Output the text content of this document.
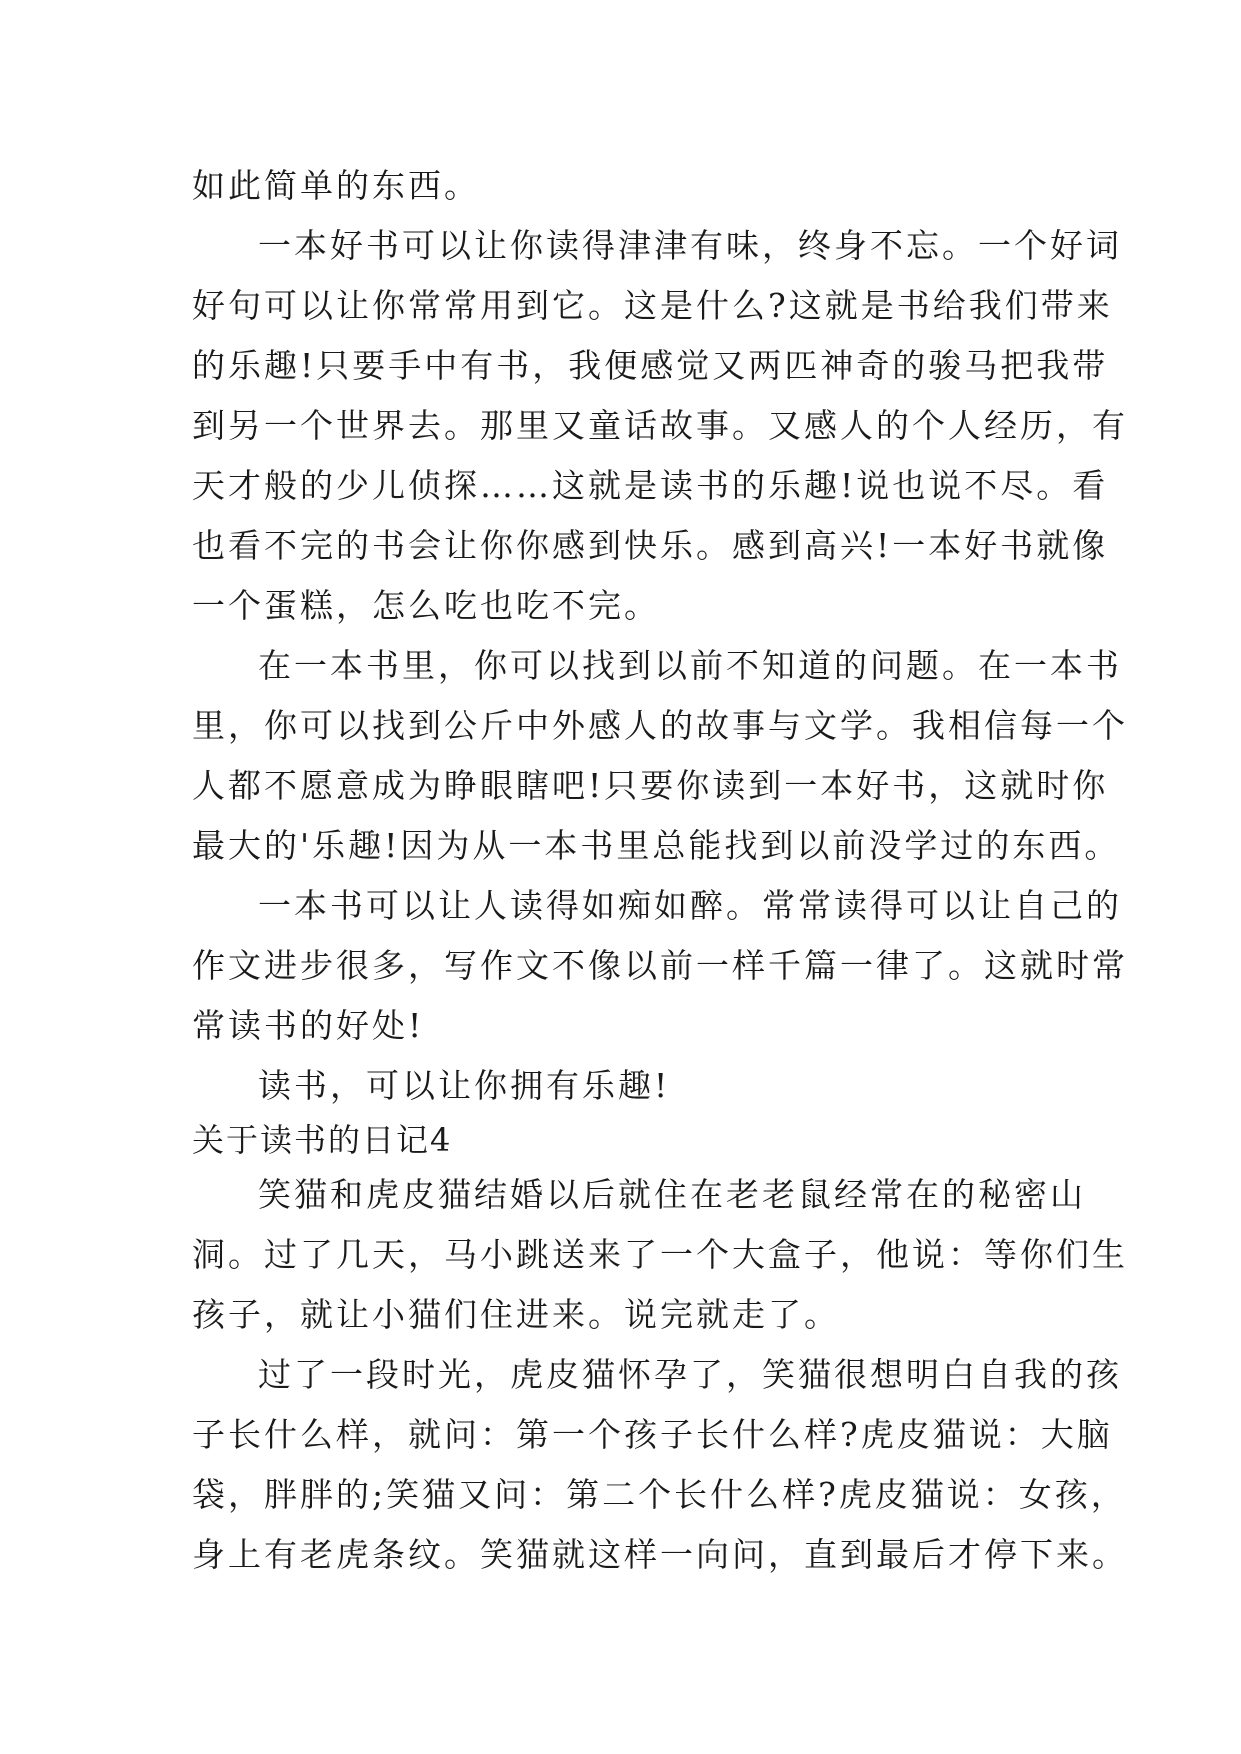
如此简单的东西。
一本好书可以让你读得津津有味，终身不忘。一个好词
好句可以让你常常用到它。这是什么?这就是书给我们带来
的乐趣!只要手中有书，我便感觉又两匹神奇的骏马把我带
到另一个世界去。那里又童话故事。又感人的个人经历，有
天才般的少儿侦探……这就是读书的乐趣!说也说不尽。看
也看不完的书会让你你感到快乐。感到高兴!一本好书就像
一个蛋糕，怎么吃也吃不完。
在一本书里，你可以找到以前不知道的问题。在一本书
里，你可以找到公斤中外感人的故事与文学。我相信每一个
人都不愿意成为睁眼瞎吧!只要你读到一本好书，这就时你
最大的'乐趣!因为从一本书里总能找到以前没学过的东西。
一本书可以让人读得如痴如醉。常常读得可以让自己的
作文进步很多，写作文不像以前一样千篇一律了。这就时常
常读书的好处!
读书，可以让你拥有乐趣!
关于读书的日记4
笑猫和虎皮猫结婚以后就住在老老鼠经常在的秘密山
洞。过了几天，马小跳送来了一个大盒子，他说：等你们生
孩子，就让小猫们住进来。说完就走了。
过了一段时光，虎皮猫怀孕了，笑猫很想明白自我的孩
子长什么样，就问：第一个孩子长什么样?虎皮猫说：大脑
袋，胖胖的;笑猫又问：第二个长什么样?虎皮猫说：女孩，
身上有老虎条纹。笑猫就这样一向问，直到最后才停下来。
